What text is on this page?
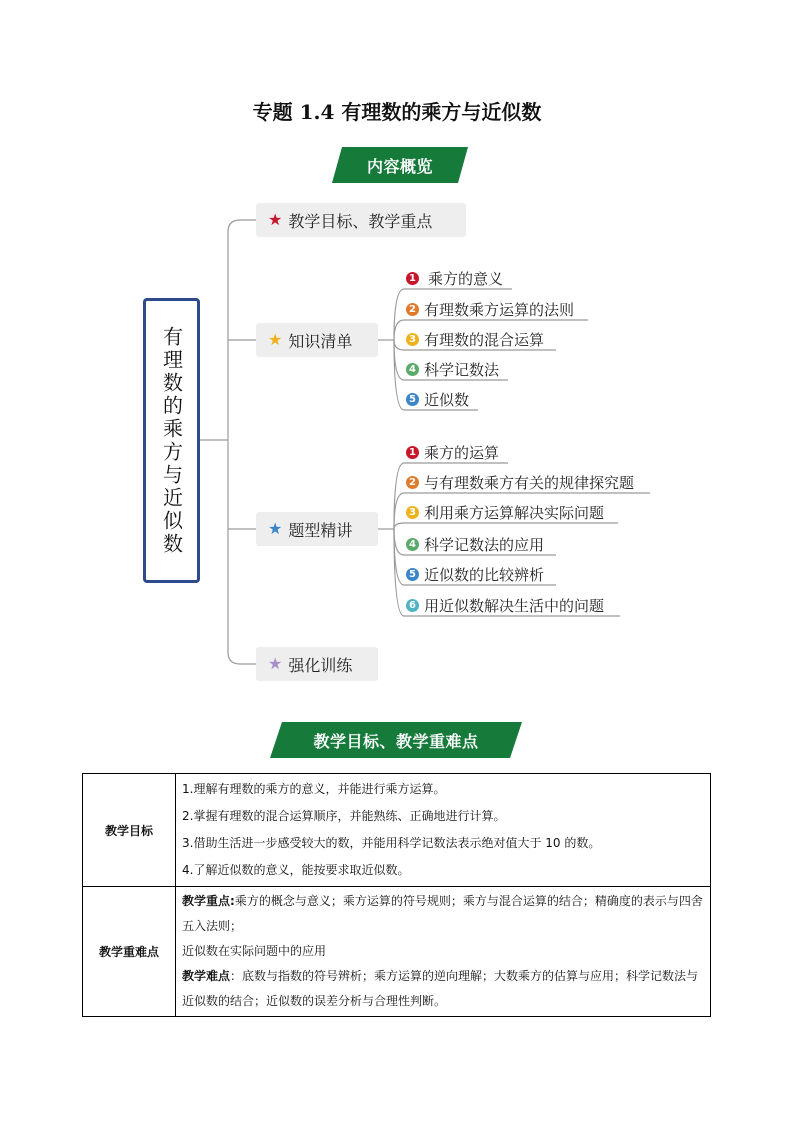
专题 1.4 有理数的乘方与近似数
内容概览
有理数的乘方与近似数
★ 教学目标、教学重点
★ 知识清单
★ 题型精讲
★ 强化训练
1 乘方的意义
2 有理数乘方运算的法则
3 有理数的混合运算
4 科学记数法
5 近似数
1 乘方的运算
2 与有理数乘方有关的规律探究题
3 利用乘方运算解决实际问题
4 科学记数法的应用
5 近似数的比较辨析
6 用近似数解决生活中的问题
教学目标、教学重难点
教学目标	1.理解有理数的乘方的意义，并能进行乘方运算。
2.掌握有理数的混合运算顺序，并能熟练、正确地进行计算。
3.借助生活进一步感受较大的数，并能用科学记数法表示绝对值大于 10 的数。
4.了解近似数的意义，能按要求取近似数。

教学重难点	教学重点:乘方的概念与意义；乘方运算的符号规则；乘方与混合运算的结合；精确度的表示与四舍五入法则；
近似数在实际问题中的应用
教学难点：底数与指数的符号辨析；乘方运算的逆向理解；大数乘方的估算与应用；科学记数法与近似数的结合；近似数的误差分析与合理性判断。
